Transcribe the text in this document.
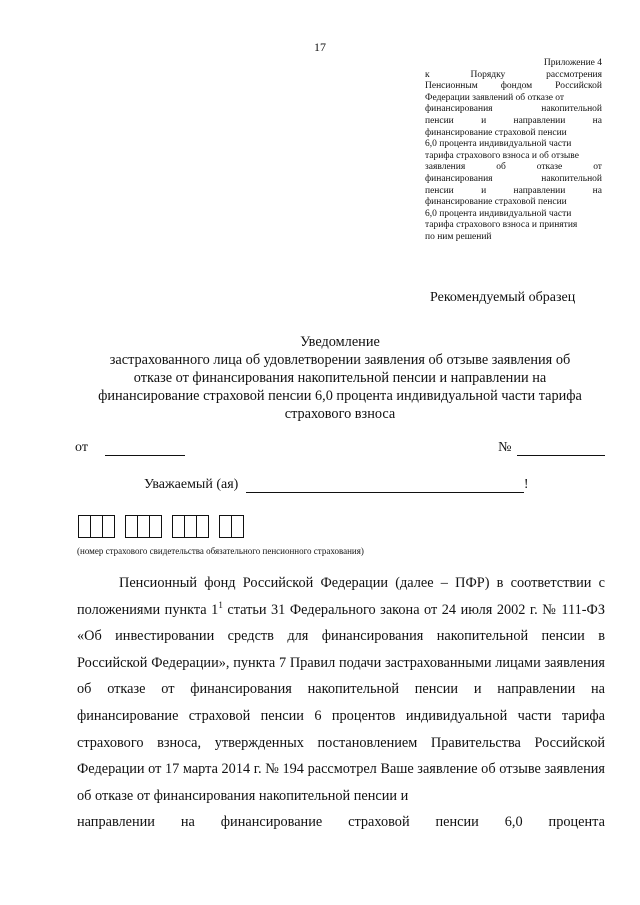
17
Приложение 4
к	Порядку	рассмотрения
Пенсионным фондом Российской
Федерации заявлений об отказе от
финансирования	накопительной
пенсии	и	направлении	на
финансирование страховой пенсии
6,0 процента индивидуальной части
тарифа страхового взноса и об отзыве
заявления	об	отказе	от
финансирования	накопительной
пенсии	и	направлении	на
финансирование страховой пенсии
6,0 процента индивидуальной части
тарифа страхового взноса и принятия
по ним решений
Рекомендуемый образец
Уведомление
застрахованного лица об удовлетворении заявления об отзыве заявления об
отказе от финансирования накопительной пенсии и направлении на
финансирование страховой пенсии 6,0 процента индивидуальной части тарифа
страхового взноса
от	№
Уважаемый (ая)	!
(номер страхового свидетельства обязательного пенсионного страхования)

Пенсионный фонд Российской Федерации (далее – ПФР) в соответствии с положениями пункта $1^1$ статьи 31 Федерального закона от 24 июля 2002 г. № 111-ФЗ «Об инвестировании средств для финансирования накопительной пенсии в Российской Федерации», пункта 7 Правил подачи застрахованными лицами заявления об отказе от финансирования накопительной пенсии и направлении на финансирование страховой пенсии 6 процентов индивидуальной части тарифа страхового взноса, утвержденных постановлением Правительства Российской Федерации от 17 марта 2014 г. № 194 рассмотрел Ваше заявление об отзыве заявления об отказе от финансирования накопительной пенсии и

направлении на финансирование страховой пенсии 6,0 процента
